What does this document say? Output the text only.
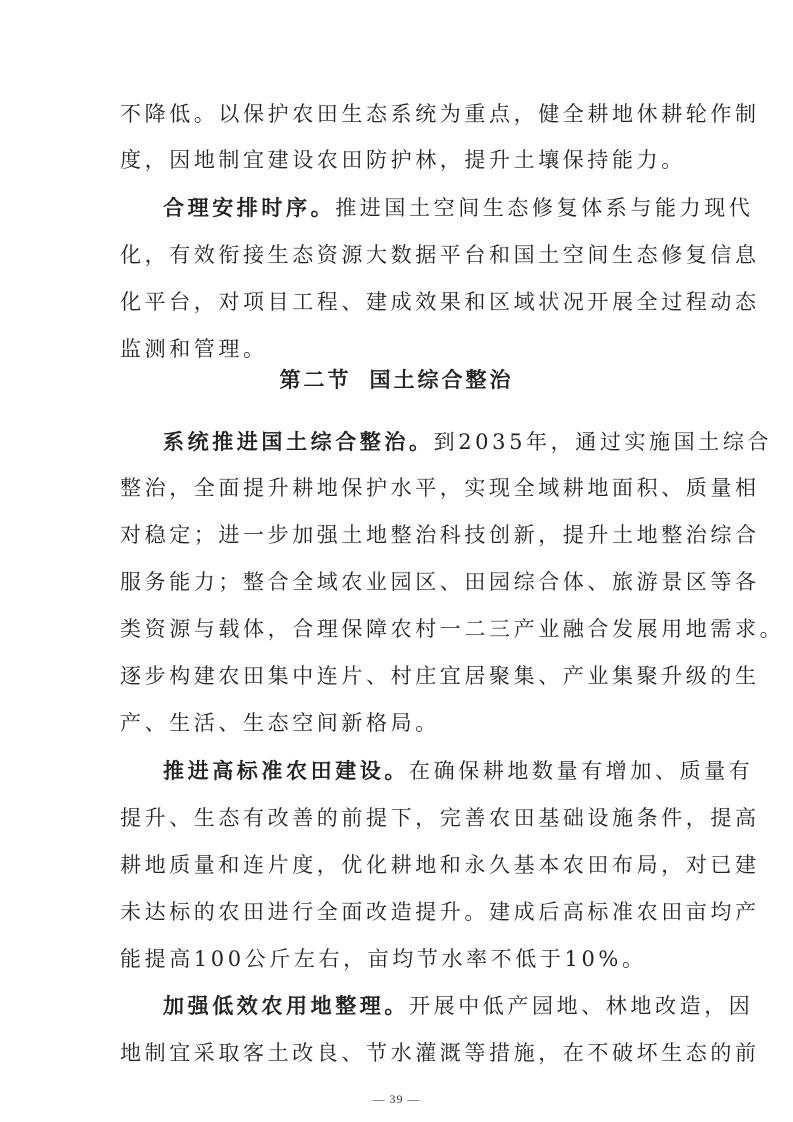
不降低。以保护农田生态系统为重点，健全耕地休耕轮作制

度，因地制宜建设农田防护林，提升土壤保持能力。

合理安排时序。推进国土空间生态修复体系与能力现代

化，有效衔接生态资源大数据平台和国土空间生态修复信息

化平台，对项目工程、建成效果和区域状况开展全过程动态

监测和管理。

第二节 国土综合整治

系统推进国土综合整治。到2035年，通过实施国土综合

整治，全面提升耕地保护水平，实现全域耕地面积、质量相

对稳定；进一步加强土地整治科技创新，提升土地整治综合

服务能力；整合全域农业园区、田园综合体、旅游景区等各

类资源与载体，合理保障农村一二三产业融合发展用地需求。

逐步构建农田集中连片、村庄宜居聚集、产业集聚升级的生

产、生活、生态空间新格局。

推进高标准农田建设。在确保耕地数量有增加、质量有

提升、生态有改善的前提下，完善农田基础设施条件，提高

耕地质量和连片度，优化耕地和永久基本农田布局，对已建

未达标的农田进行全面改造提升。建成后高标准农田亩均产

能提高100公斤左右，亩均节水率不低于10%。

加强低效农用地整理。开展中低产园地、林地改造，因

地制宜采取客土改良、节水灌溉等措施，在不破坏生态的前

— 39 —
